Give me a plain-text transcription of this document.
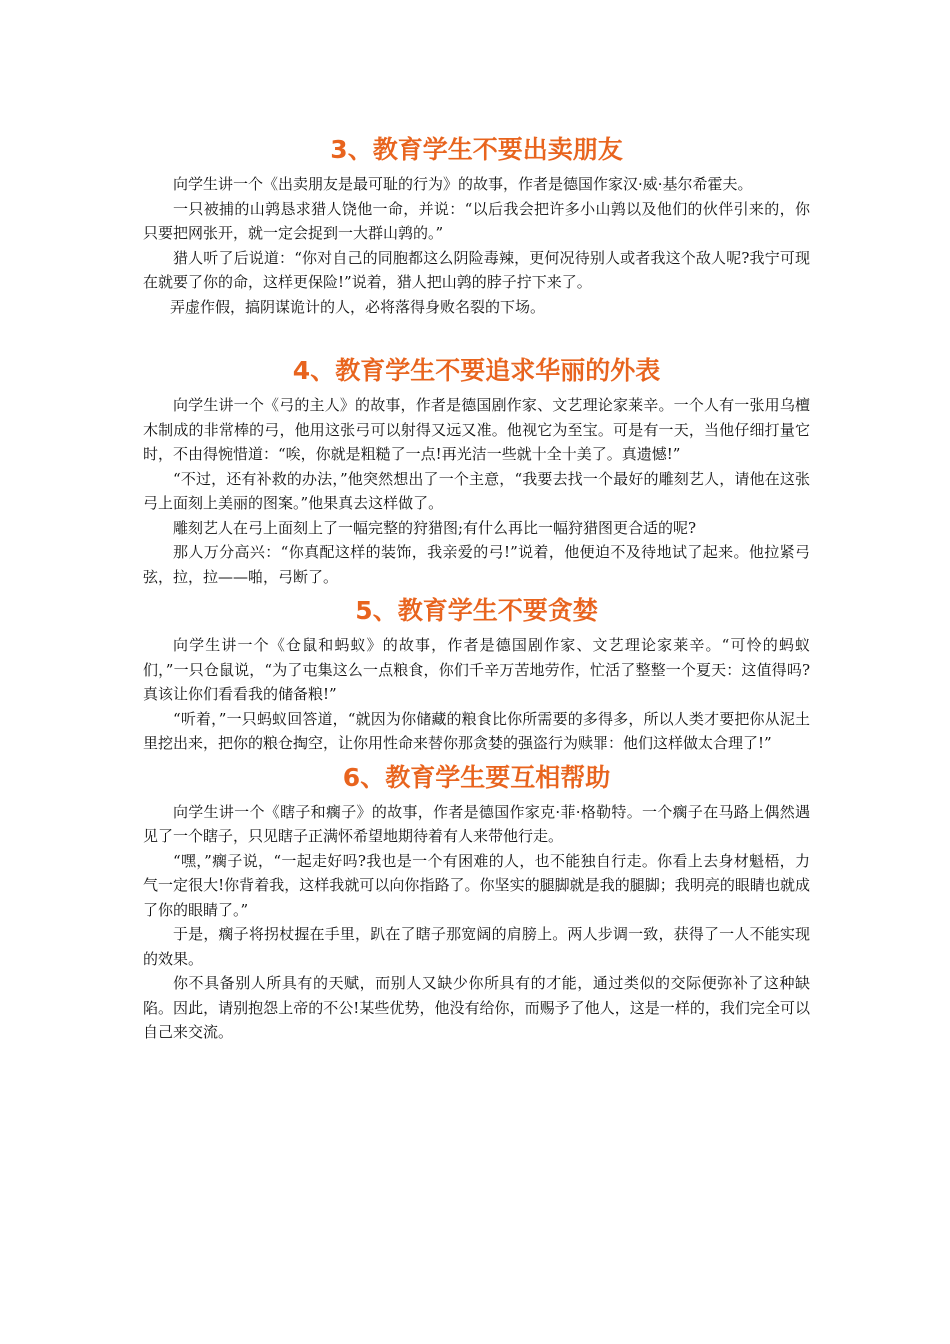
3、教育学生不要出卖朋友

向学生讲一个《出卖朋友是最可耻的行为》的故事，作者是德国作家汉·威·基尔希霍夫。

一只被捕的山鹑恳求猎人饶他一命，并说：“以后我会把许多小山鹑以及他们的伙伴引来的，你只要把网张开，就一定会捉到一大群山鹑的。”

猎人听了后说道：“你对自己的同胞都这么阴险毒辣，更何况待别人或者我这个敌人呢?我宁可现在就要了你的命，这样更保险!”说着，猎人把山鹑的脖子拧下来了。

弄虚作假，搞阴谋诡计的人，必将落得身败名裂的下场。

4、教育学生不要追求华丽的外表

向学生讲一个《弓的主人》的故事，作者是德国剧作家、文艺理论家莱辛。一个人有一张用乌檀木制成的非常棒的弓，他用这张弓可以射得又远又准。他视它为至宝。可是有一天，当他仔细打量它时，不由得惋惜道：“唉，你就是粗糙了一点!再光洁一些就十全十美了。真遗憾!”

“不过，还有补救的办法，”他突然想出了一个主意，“我要去找一个最好的雕刻艺人，请他在这张弓上面刻上美丽的图案。”他果真去这样做了。

雕刻艺人在弓上面刻上了一幅完整的狩猎图;有什么再比一幅狩猎图更合适的呢?

那人万分高兴：“你真配这样的装饰，我亲爱的弓!”说着，他便迫不及待地试了起来。他拉紧弓弦，拉，拉——啪，弓断了。

5、教育学生不要贪婪

向学生讲一个《仓鼠和蚂蚁》的故事，作者是德国剧作家、文艺理论家莱辛。“可怜的蚂蚁们，”一只仓鼠说，“为了屯集这么一点粮食，你们千辛万苦地劳作，忙活了整整一个夏天：这值得吗?真该让你们看看我的储备粮!”

“听着，”一只蚂蚁回答道，“就因为你储藏的粮食比你所需要的多得多，所以人类才要把你从泥土里挖出来，把你的粮仓掏空，让你用性命来替你那贪婪的强盗行为赎罪：他们这样做太合理了!”

6、教育学生要互相帮助

向学生讲一个《瞎子和瘸子》的故事，作者是德国作家克·菲·格勒特。一个瘸子在马路上偶然遇见了一个瞎子，只见瞎子正满怀希望地期待着有人来带他行走。

“嘿，”瘸子说，“一起走好吗?我也是一个有困难的人，也不能独自行走。你看上去身材魁梧，力气一定很大!你背着我，这样我就可以向你指路了。你坚实的腿脚就是我的腿脚；我明亮的眼睛也就成了你的眼睛了。”

于是，瘸子将拐杖握在手里，趴在了瞎子那宽阔的肩膀上。两人步调一致，获得了一人不能实现的效果。

你不具备别人所具有的天赋，而别人又缺少你所具有的才能，通过类似的交际便弥补了这种缺陷。因此，请别抱怨上帝的不公!某些优势，他没有给你，而赐予了他人，这是一样的，我们完全可以自己来交流。
